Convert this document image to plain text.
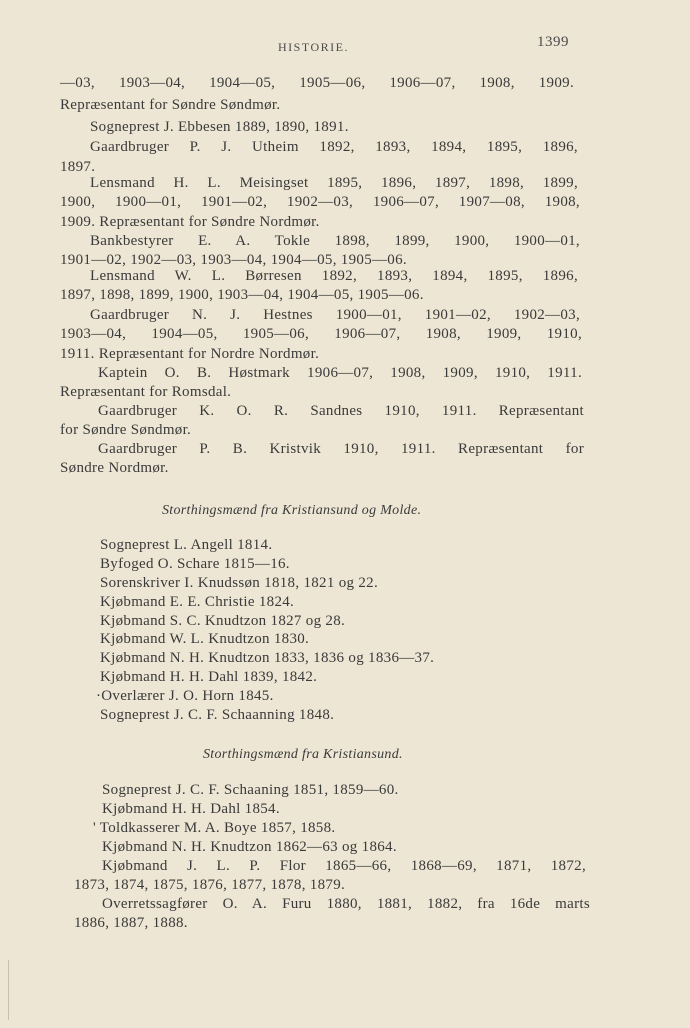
HISTORIE.	1399
—03, 1903—04, 1904—05, 1905—06, 1906—07, 1908, 1909.
Repræsentant for Søndre Søndmør.
Sogneprest J. Ebbesen 1889, 1890, 1891.
Gaardbruger P. J. Utheim 1892, 1893, 1894, 1895, 1896,
1897.
Lensmand H. L. Meisingset 1895, 1896, 1897, 1898, 1899,
1900, 1900—01, 1901—02, 1902—03, 1906—07, 1907—08, 1908,
1909. Repræsentant for Søndre Nordmør.
Bankbestyrer E. A. Tokle 1898, 1899, 1900, 1900—01,
1901—02, 1902—03, 1903—04, 1904—05, 1905—06.
Lensmand W. L. Børresen 1892, 1893, 1894, 1895, 1896,
1897, 1898, 1899, 1900, 1903—04, 1904—05, 1905—06.
Gaardbruger N. J. Hestnes 1900—01, 1901—02, 1902—03,
1903—04, 1904—05, 1905—06, 1906—07, 1908, 1909, 1910,
1911. Repræsentant for Nordre Nordmør.
Kaptein O. B. Høstmark 1906—07, 1908, 1909, 1910, 1911.
Repræsentant for Romsdal.
Gaardbruger K. O. R. Sandnes 1910, 1911. Repræsentant
for Søndre Søndmør.
Gaardbruger P. B. Kristvik 1910, 1911. Repræsentant for
Søndre Nordmør.
Storthingsmænd fra Kristiansund og Molde.
Sogneprest L. Angell 1814.
Byfoged O. Schare 1815—16.
Sorenskriver I. Knudssøn 1818, 1821 og 22.
Kjøbmand E. E. Christie 1824.
Kjøbmand S. C. Knudtzon 1827 og 28.
Kjøbmand W. L. Knudtzon 1830.
Kjøbmand N. H. Knudtzon 1833, 1836 og 1836—37.
Kjøbmand H. H. Dahl 1839, 1842.
·Overlærer J. O. Horn 1845.
Sogneprest J. C. F. Schaanning 1848.
Storthingsmænd fra Kristiansund.
Sogneprest J. C. F. Schaaning 1851, 1859—60.
Kjøbmand H. H. Dahl 1854.
' Toldkasserer M. A. Boye 1857, 1858.
Kjøbmand N. H. Knudtzon 1862—63 og 1864.
Kjøbmand J. L. P. Flor 1865—66, 1868—69, 1871, 1872,
1873, 1874, 1875, 1876, 1877, 1878, 1879.
Overretssagfører O. A. Furu 1880, 1881, 1882, fra 16de marts
1886, 1887, 1888.
